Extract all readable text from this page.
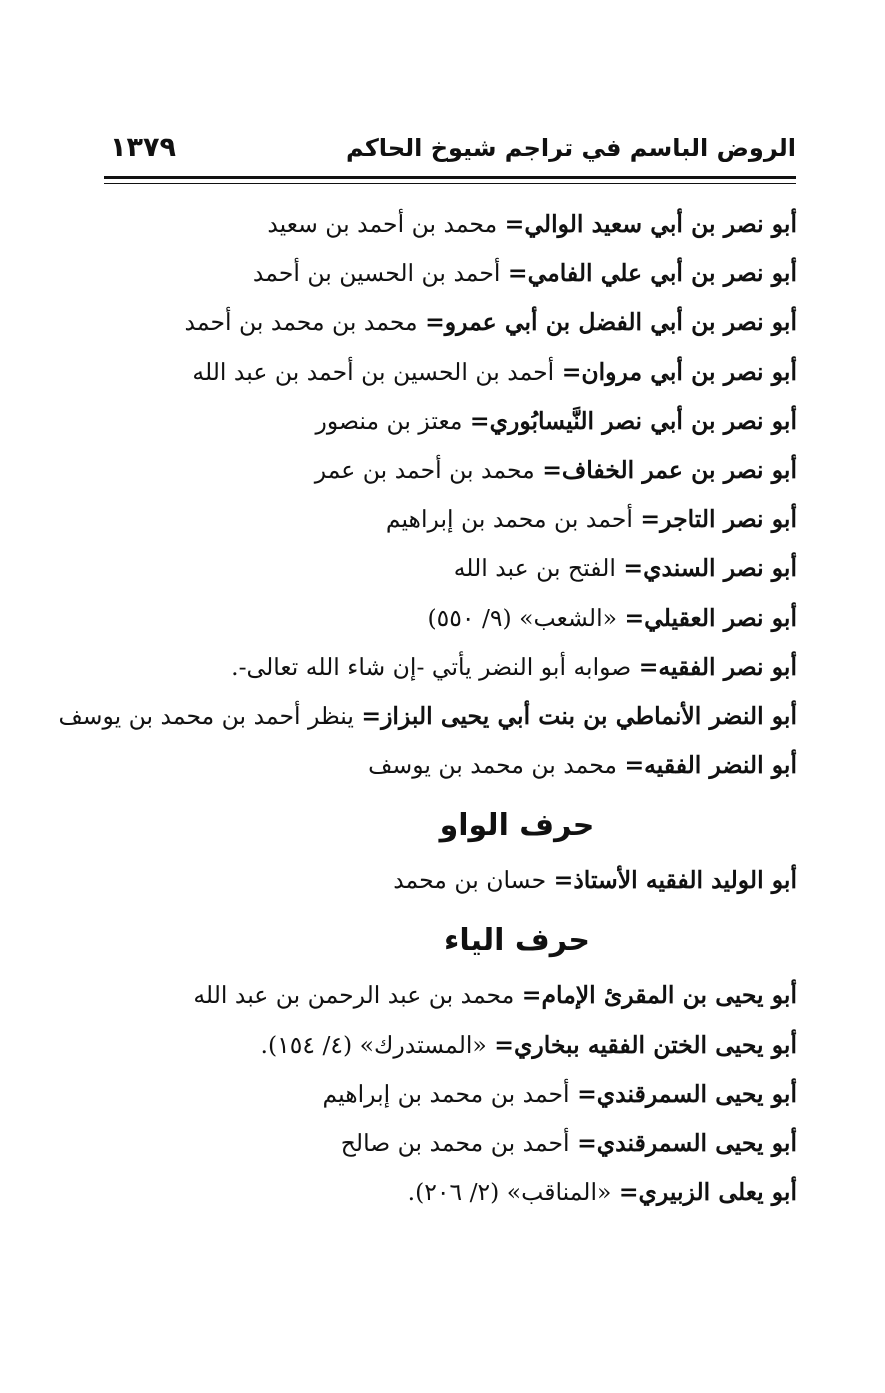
الروض الباسم في تراجم شيوخ الحاكم
١٣٧٩
أبو نصر بن أبي سعيد الوالي= محمد بن أحمد بن سعيد
أبو نصر بن أبي علي الفامي= أحمد بن الحسين بن أحمد
أبو نصر بن أبي الفضل بن أبي عمرو= محمد بن محمد بن أحمد
أبو نصر بن أبي مروان= أحمد بن الحسين بن أحمد بن عبد الله
أبو نصر بن أبي نصر النَّيسابُوري= معتز بن منصور
أبو نصر بن عمر الخفاف= محمد بن أحمد بن عمر
أبو نصر التاجر= أحمد بن محمد بن إبراهيم
أبو نصر السندي= الفتح بن عبد الله
أبو نصر العقيلي= «الشعب» (٩/ ٥٥٠)
أبو نصر الفقيه= صوابه أبو النضر يأتي -إن شاء الله تعالى-.
أبو النضر الأنماطي بن بنت أبي يحيى البزاز= ينظر أحمد بن محمد بن يوسف
أبو النضر الفقيه= محمد بن محمد بن يوسف
حرف الواو
أبو الوليد الفقيه الأستاذ= حسان بن محمد
حرف الياء
أبو يحيى بن المقرئ الإمام= محمد بن عبد الرحمن بن عبد الله
أبو يحيى الختن الفقيه ببخاري= «المستدرك» (٤/ ١٥٤).
أبو يحيى السمرقندي= أحمد بن محمد بن إبراهيم
أبو يحيى السمرقندي= أحمد بن محمد بن صالح
أبو يعلى الزبيري= «المناقب» (٢/ ٢٠٦).
